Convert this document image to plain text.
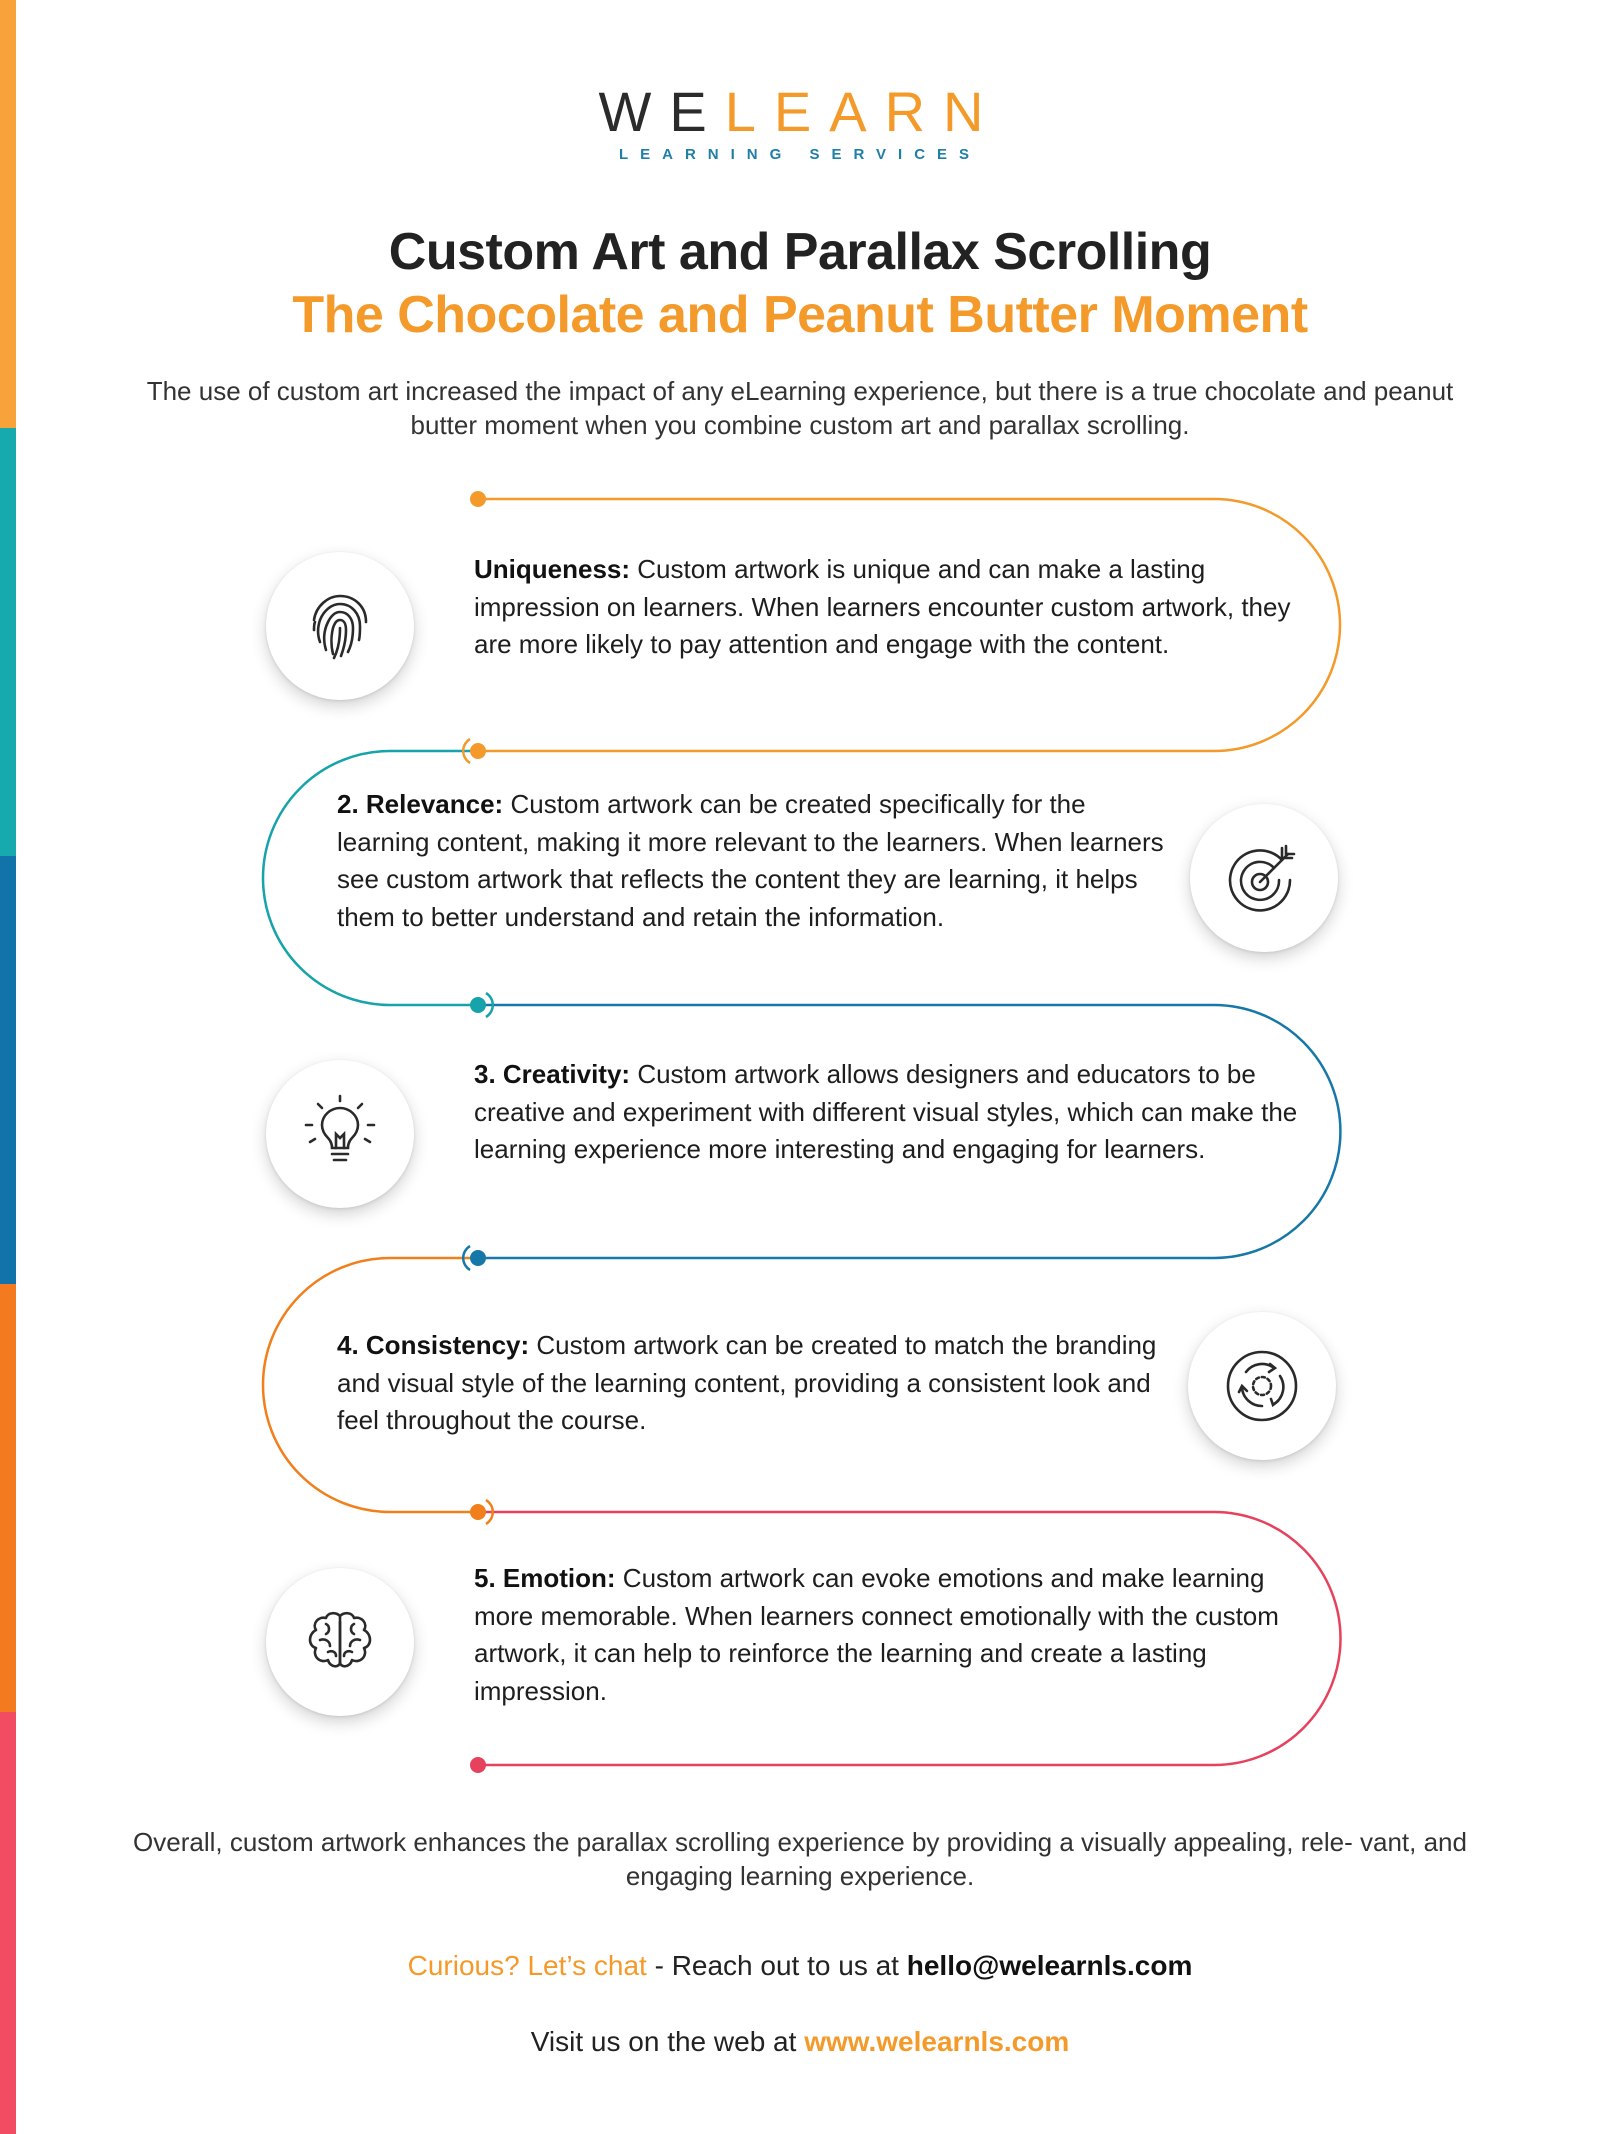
WELEARN
LEARNING SERVICES
Custom Art and Parallax Scrolling
The Chocolate and Peanut Butter Moment
The use of custom art increased the impact of any eLearning experience, but there is a true chocolate and peanut butter moment when you combine custom art and parallax scrolling.
Uniqueness: Custom artwork is unique and can make a lasting impression on learners. When learners encounter custom artwork, they are more likely to pay attention and engage with the content.
2. Relevance: Custom artwork can be created specifically for the learning content, making it more relevant to the learners. When learners see custom artwork that reflects the content they are learning, it helps them to better understand and retain the information.
3. Creativity: Custom artwork allows designers and educators to be creative and experiment with different visual styles, which can make the learning experience more interesting and engaging for learners.
4. Consistency: Custom artwork can be created to match the branding and visual style of the learning content, providing a consistent look and feel throughout the course.
5. Emotion: Custom artwork can evoke emotions and make learning more memorable. When learners connect emotionally with the custom artwork, it can help to reinforce the learning and create a lasting impression.
Overall, custom artwork enhances the parallax scrolling experience by providing a visually appealing, rele- vant, and engaging learning experience.
Curious? Let’s chat - Reach out to us at hello@welearnls.com
Visit us on the web at www.welearnls.com
